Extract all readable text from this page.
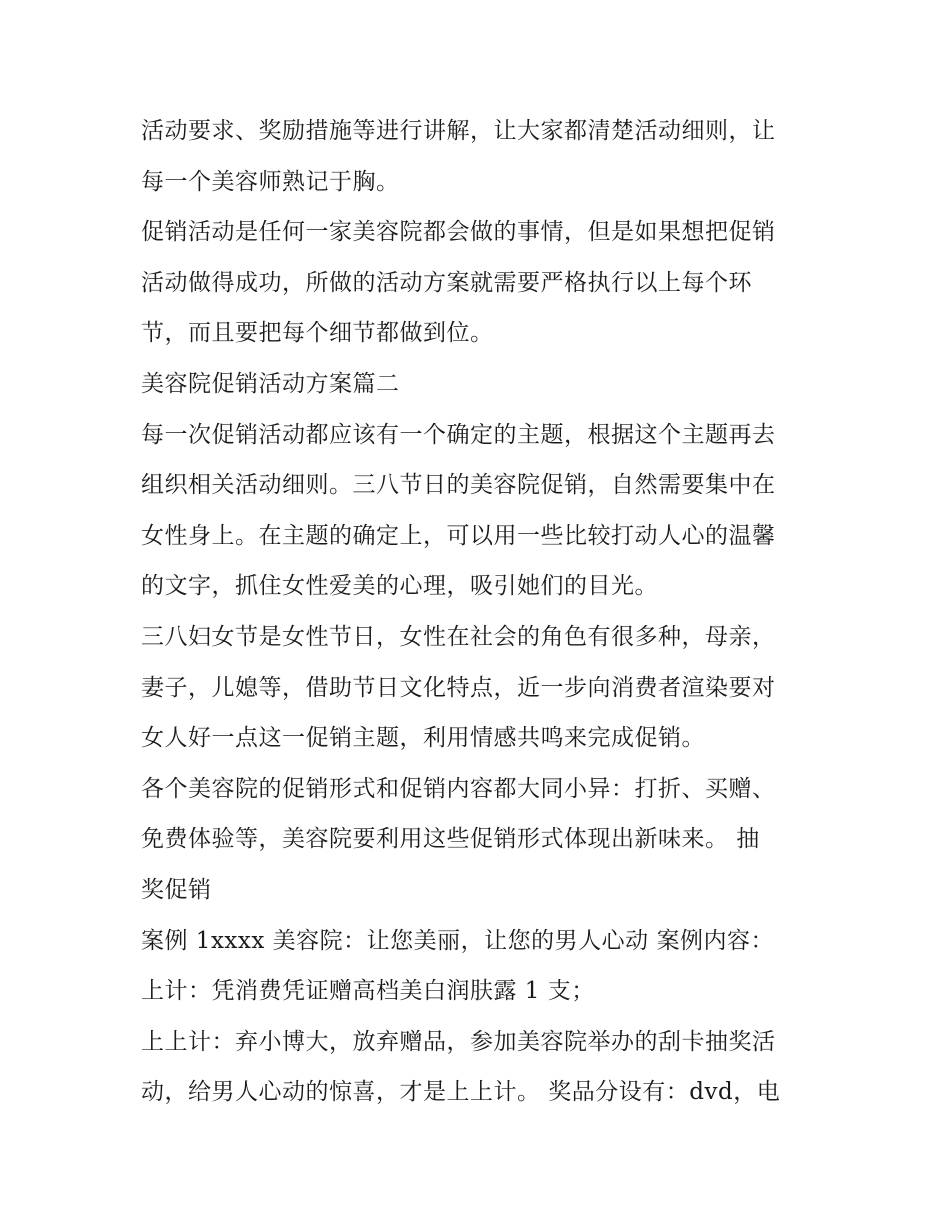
活动要求、奖励措施等进行讲解，让大家都清楚活动细则，让
每一个美容师熟记于胸。
促销活动是任何一家美容院都会做的事情，但是如果想把促销
活动做得成功，所做的活动方案就需要严格执行以上每个环
节，而且要把每个细节都做到位。
美容院促销活动方案篇二
每一次促销活动都应该有一个确定的主题，根据这个主题再去
组织相关活动细则。三八节日的美容院促销，自然需要集中在
女性身上。在主题的确定上，可以用一些比较打动人心的温馨
的文字，抓住女性爱美的心理，吸引她们的目光。
三八妇女节是女性节日，女性在社会的角色有很多种，母亲，
妻子，儿媳等，借助节日文化特点，近一步向消费者渲染要对
女人好一点这一促销主题，利用情感共鸣来完成促销。
各个美容院的促销形式和促销内容都大同小异：打折、买赠、
免费体验等，美容院要利用这些促销形式体现出新味来。 抽
奖促销
案例 1xxxx 美容院：让您美丽，让您的男人心动 案例内容：
上计：凭消费凭证赠高档美白润肤露 1 支；
上上计：弃小博大，放弃赠品，参加美容院举办的刮卡抽奖活
动，给男人心动的惊喜，才是上上计。 奖品分设有：dvd，电
